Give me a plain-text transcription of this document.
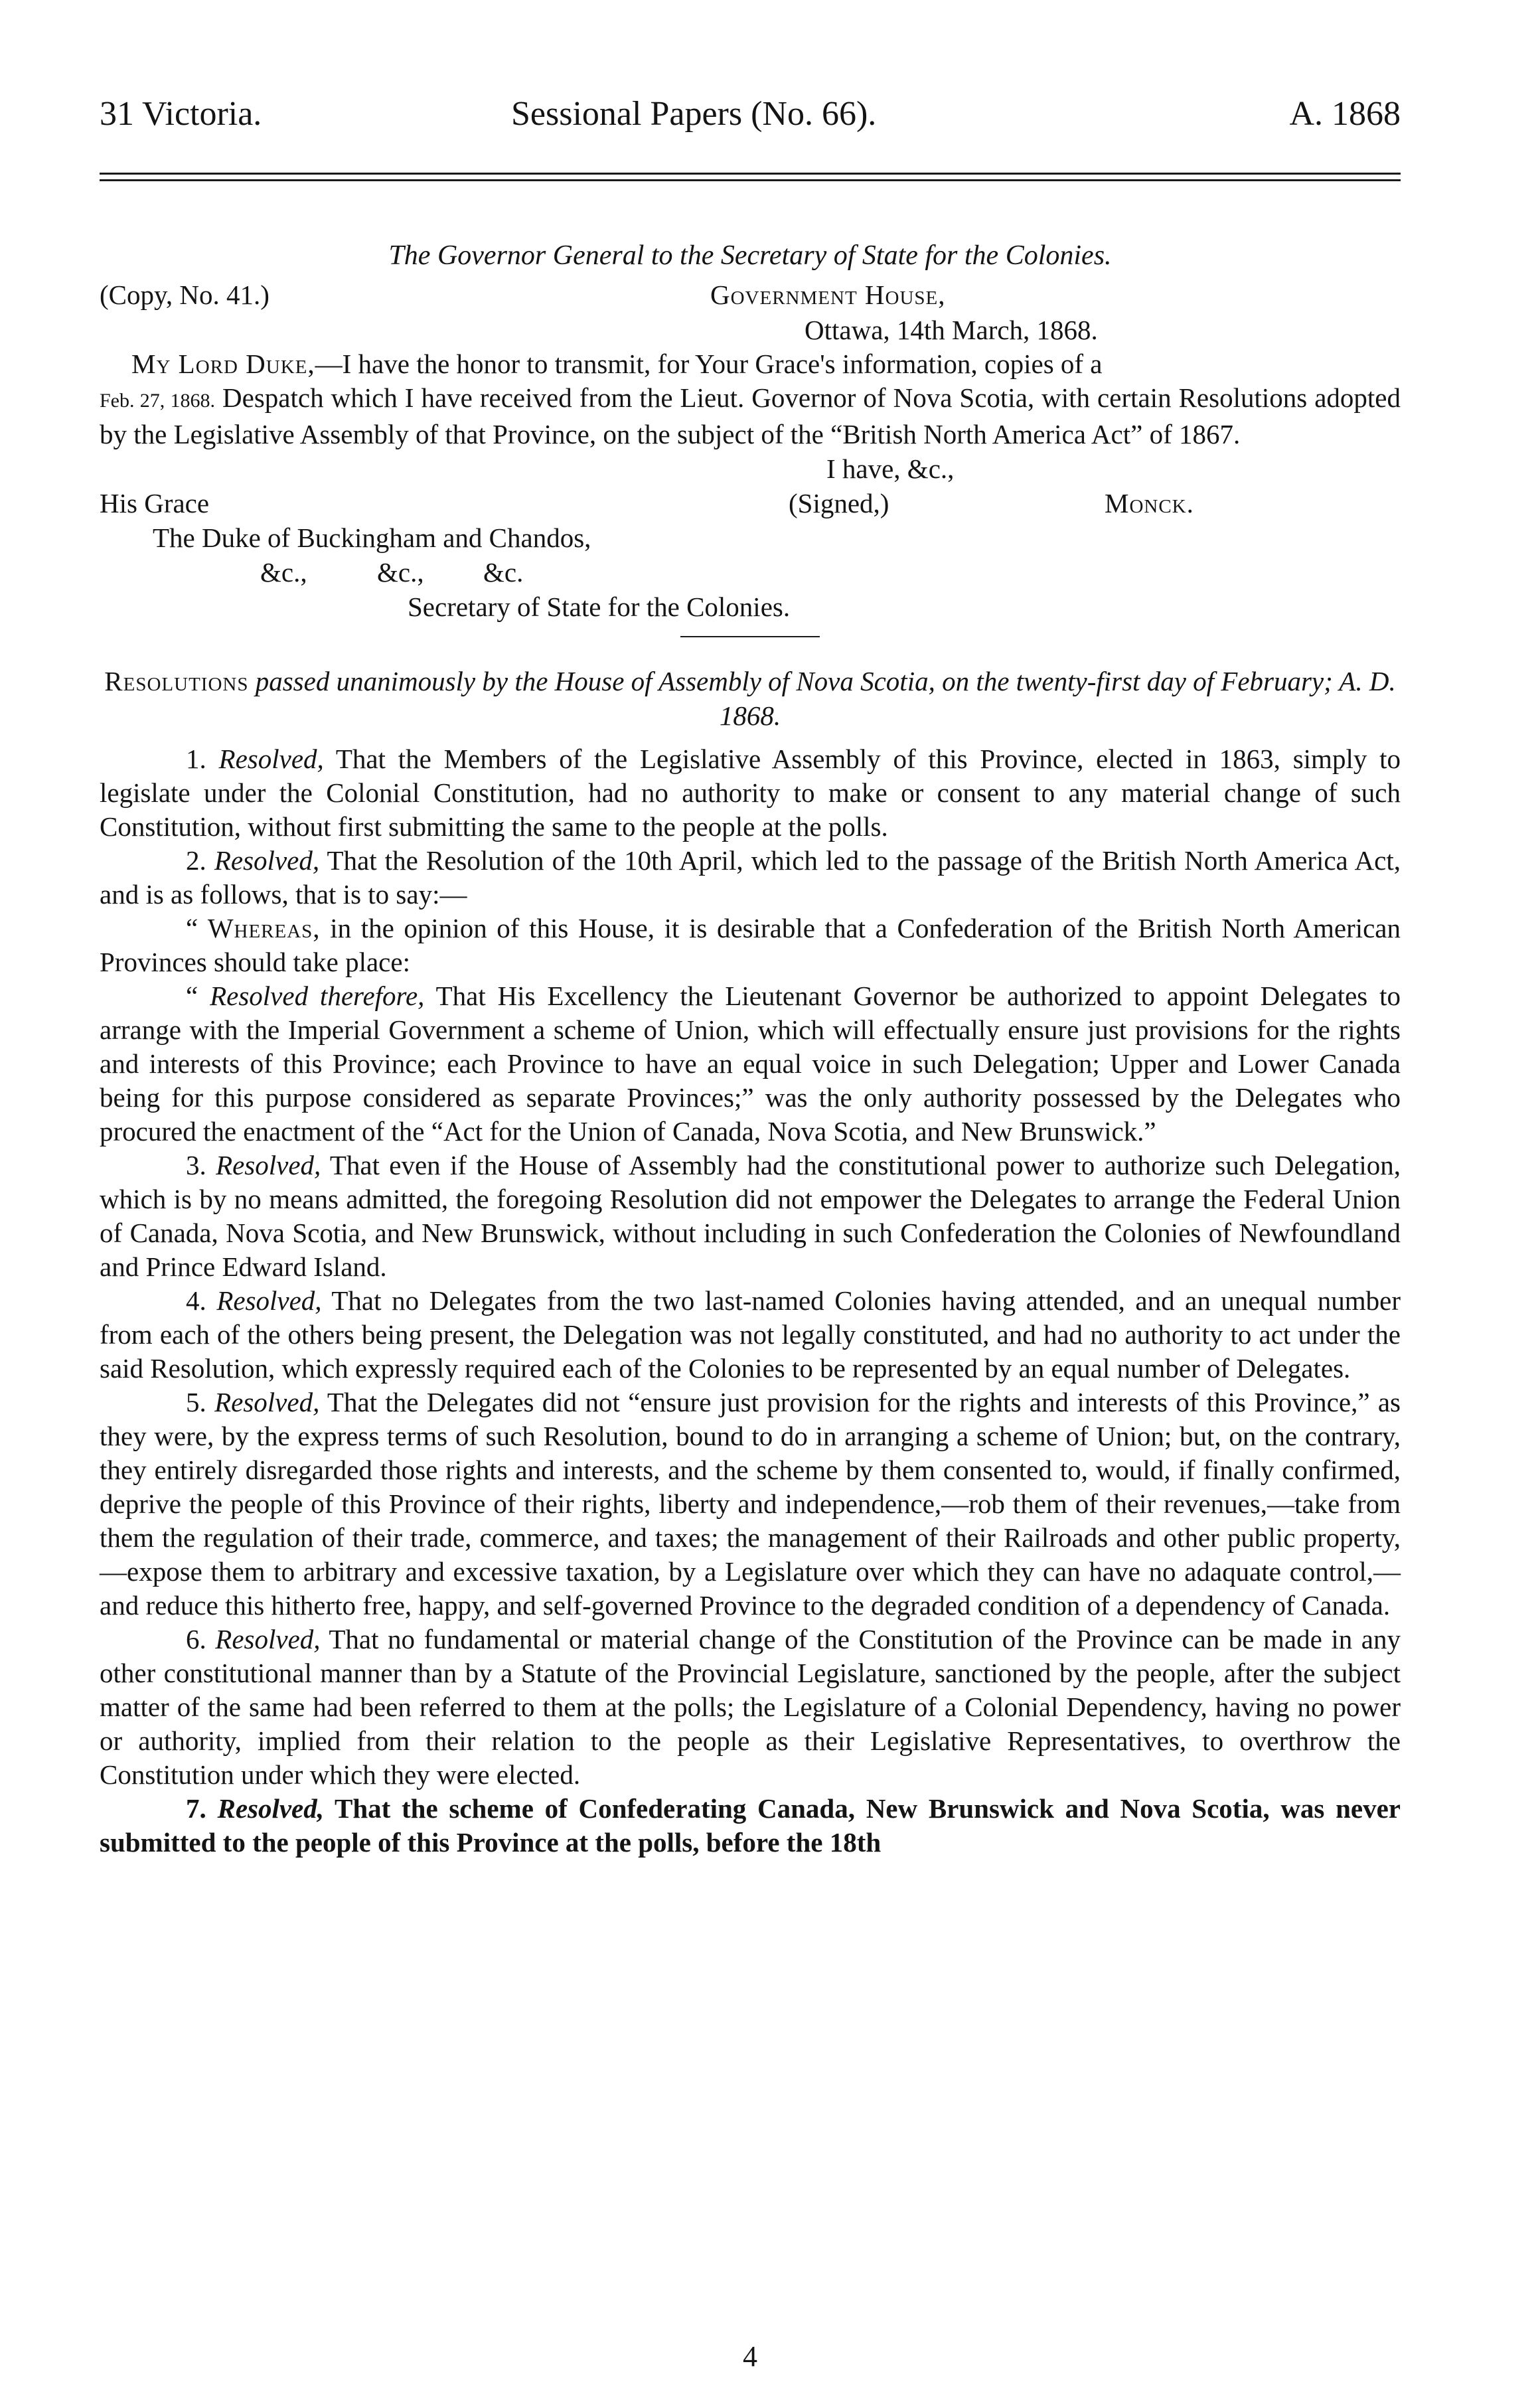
31 Victoria.	Sessional Papers (No. 66).	A. 1868

The Governor General to the Secretary of State for the Colonies.

(Copy, No. 41.)	Government House,
Ottawa, 14th March, 1868.

My Lord Duke,—I have the honor to transmit, for Your Grace's information, copies of a

Feb. 27, 1868. Despatch which I have received from the Lieut. Governor of Nova Scotia, with certain Resolutions adopted by the Legislative Assembly of that Province, on the subject of the “British North America Act” of 1867.

I have, &c.,
His Grace	(Signed,)	Monck.
The Duke of Buckingham and Chandos,
&c.,	&c., &c.
Secretary of State for the Colonies.

Resolutions passed unanimously by the House of Assembly of Nova Scotia, on the twenty-first day of February; A. D. 1868.

1. Resolved, That the Members of the Legislative Assembly of this Province, elected in 1863, simply to legislate under the Colonial Constitution, had no authority to make or consent to any material change of such Constitution, without first submitting the same to the people at the polls.

2. Resolved, That the Resolution of the 10th April, which led to the passage of the British North America Act, and is as follows, that is to say:—

“ Whereas, in the opinion of this House, it is desirable that a Confederation of the British North American Provinces should take place:

“ Resolved therefore, That His Excellency the Lieutenant Governor be authorized to appoint Delegates to arrange with the Imperial Government a scheme of Union, which will effectually ensure just provisions for the rights and interests of this Province; each Province to have an equal voice in such Delegation; Upper and Lower Canada being for this purpose considered as separate Provinces;” was the only authority possessed by the Delegates who procured the enactment of the “Act for the Union of Canada, Nova Scotia, and New Brunswick.”

3. Resolved, That even if the House of Assembly had the constitutional power to authorize such Delegation, which is by no means admitted, the foregoing Resolution did not empower the Delegates to arrange the Federal Union of Canada, Nova Scotia, and New Brunswick, without including in such Confederation the Colonies of Newfoundland and Prince Edward Island.

4. Resolved, That no Delegates from the two last-named Colonies having attended, and an unequal number from each of the others being present, the Delegation was not legally constituted, and had no authority to act under the said Resolution, which expressly required each of the Colonies to be represented by an equal number of Delegates.

5. Resolved, That the Delegates did not “ensure just provision for the rights and interests of this Province,” as they were, by the express terms of such Resolution, bound to do in arranging a scheme of Union; but, on the contrary, they entirely disregarded those rights and interests, and the scheme by them consented to, would, if finally confirmed, deprive the people of this Province of their rights, liberty and independence,—rob them of their revenues,—take from them the regulation of their trade, commerce, and taxes; the management of their Railroads and other public property,—expose them to arbitrary and excessive taxation, by a Legislature over which they can have no adaquate control,—and reduce this hitherto free, happy, and self-governed Province to the degraded condition of a dependency of Canada.

6. Resolved, That no fundamental or material change of the Constitution of the Province can be made in any other constitutional manner than by a Statute of the Provincial Legislature, sanctioned by the people, after the subject matter of the same had been referred to them at the polls; the Legislature of a Colonial Dependency, having no power or authority, implied from their relation to the people as their Legislative Representatives, to overthrow the Constitution under which they were elected.

7. Resolved, That the scheme of Confederating Canada, New Brunswick and Nova Scotia, was never submitted to the people of this Province at the polls, before the 18th

4
